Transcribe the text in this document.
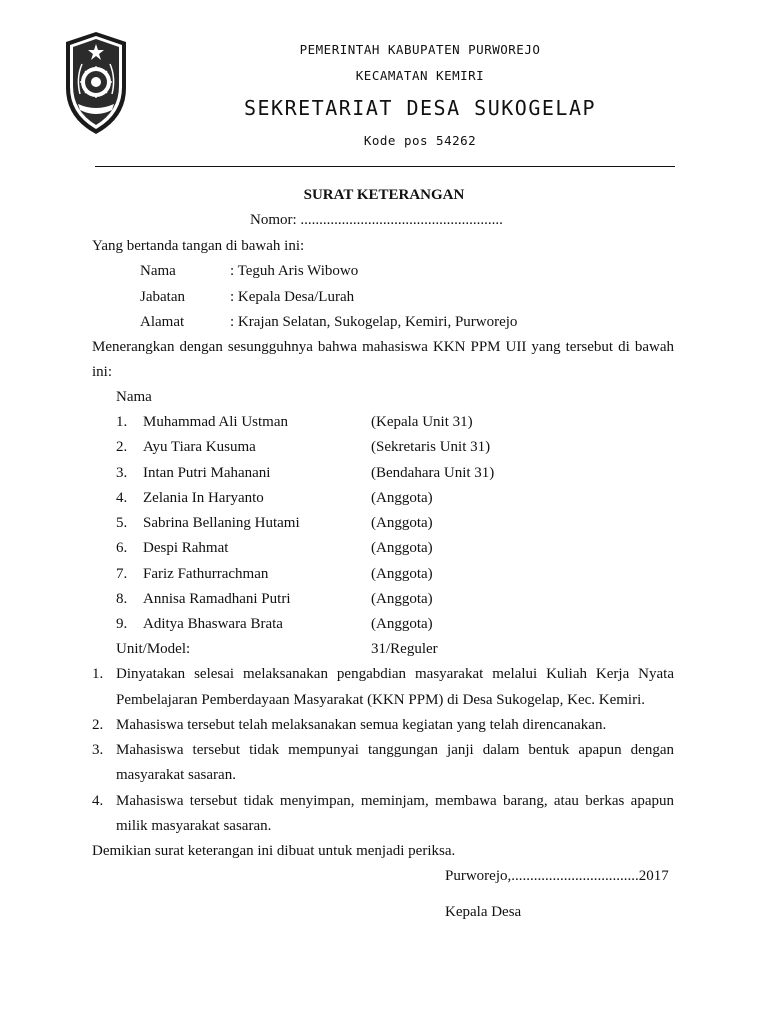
PEMERINTAH KABUPATEN PURWOREJO
KECAMATAN KEMIRI
SEKRETARIAT DESA SUKOGELAP
Kode pos 54262
SURAT KETERANGAN
Nomor: ......................................................
Yang bertanda tangan di bawah ini:
Nama	: Teguh Aris Wibowo
Jabatan	: Kepala Desa/Lurah
Alamat	: Krajan Selatan, Sukogelap, Kemiri, Purworejo
Menerangkan dengan sesungguhnya bahwa mahasiswa KKN PPM UII yang tersebut di bawah
ini:
Nama
1. Muhammad Ali Ustman	(Kepala Unit 31)
2. Ayu Tiara Kusuma	(Sekretaris Unit 31)
3. Intan Putri Mahanani	(Bendahara Unit 31)
4. Zelania In Haryanto	(Anggota)
5. Sabrina Bellaning Hutami	(Anggota)
6. Despi Rahmat	(Anggota)
7. Fariz Fathurrachman	(Anggota)
8. Annisa Ramadhani Putri	(Anggota)
9. Aditya Bhaswara Brata	(Anggota)
Unit/Model:	31/Reguler
1. Dinyatakan selesai melaksanakan pengabdian masyarakat melalui Kuliah Kerja Nyata
Pembelajaran Pemberdayaan Masyarakat (KKN PPM) di Desa Sukogelap, Kec. Kemiri.
2. Mahasiswa tersebut telah melaksanakan semua kegiatan yang telah direncanakan.
3. Mahasiswa tersebut tidak mempunyai tanggungan janji dalam bentuk apapun dengan
masyarakat sasaran.
4. Mahasiswa tersebut tidak menyimpan, meminjam, membawa barang, atau berkas apapun
milik masyarakat sasaran.
Demikian surat keterangan ini dibuat untuk menjadi periksa.
Purworejo,..................................2017
Kepala Desa
